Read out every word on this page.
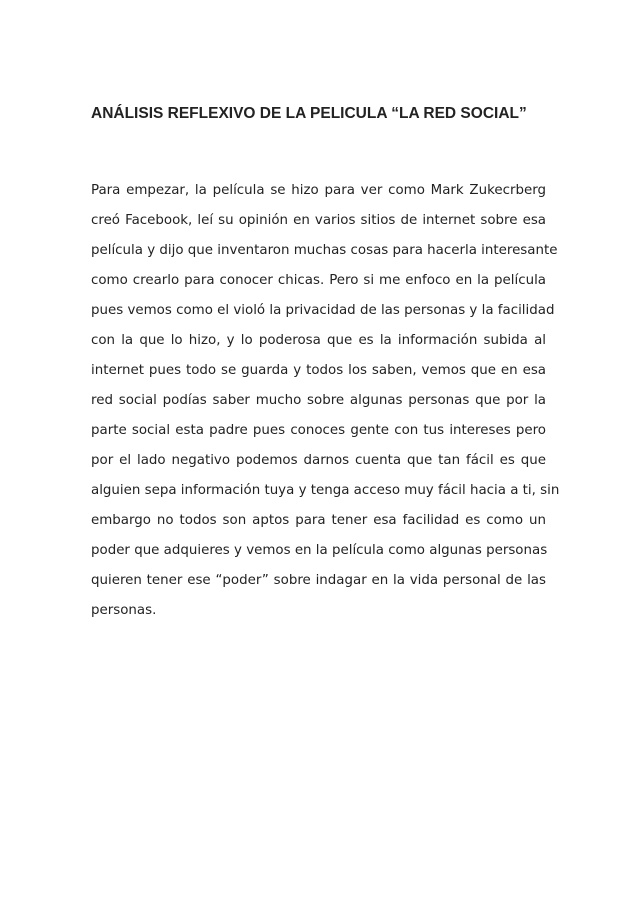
ANÁLISIS REFLEXIVO DE LA PELICULA “LA RED SOCIAL”
Para empezar, la película se hizo para ver como Mark Zukecrberg
creó Facebook, leí su opinión en varios sitios de internet sobre esa
película y dijo que inventaron muchas cosas para hacerla interesante
como crearlo para conocer chicas. Pero si me enfoco en la película
pues vemos como el violó la privacidad de las personas y la facilidad
con la que lo hizo, y lo poderosa que es la información subida al
internet pues todo se guarda y todos los saben, vemos que en esa
red social podías saber mucho sobre algunas personas que por la
parte social esta padre pues conoces gente con tus intereses pero
por el lado negativo podemos darnos cuenta que tan fácil es que
alguien sepa información tuya y tenga acceso muy fácil hacia a ti, sin
embargo no todos son aptos para tener esa facilidad es como un
poder que adquieres y vemos en la película como algunas personas
quieren tener ese “poder” sobre indagar en la vida personal de las
personas.
